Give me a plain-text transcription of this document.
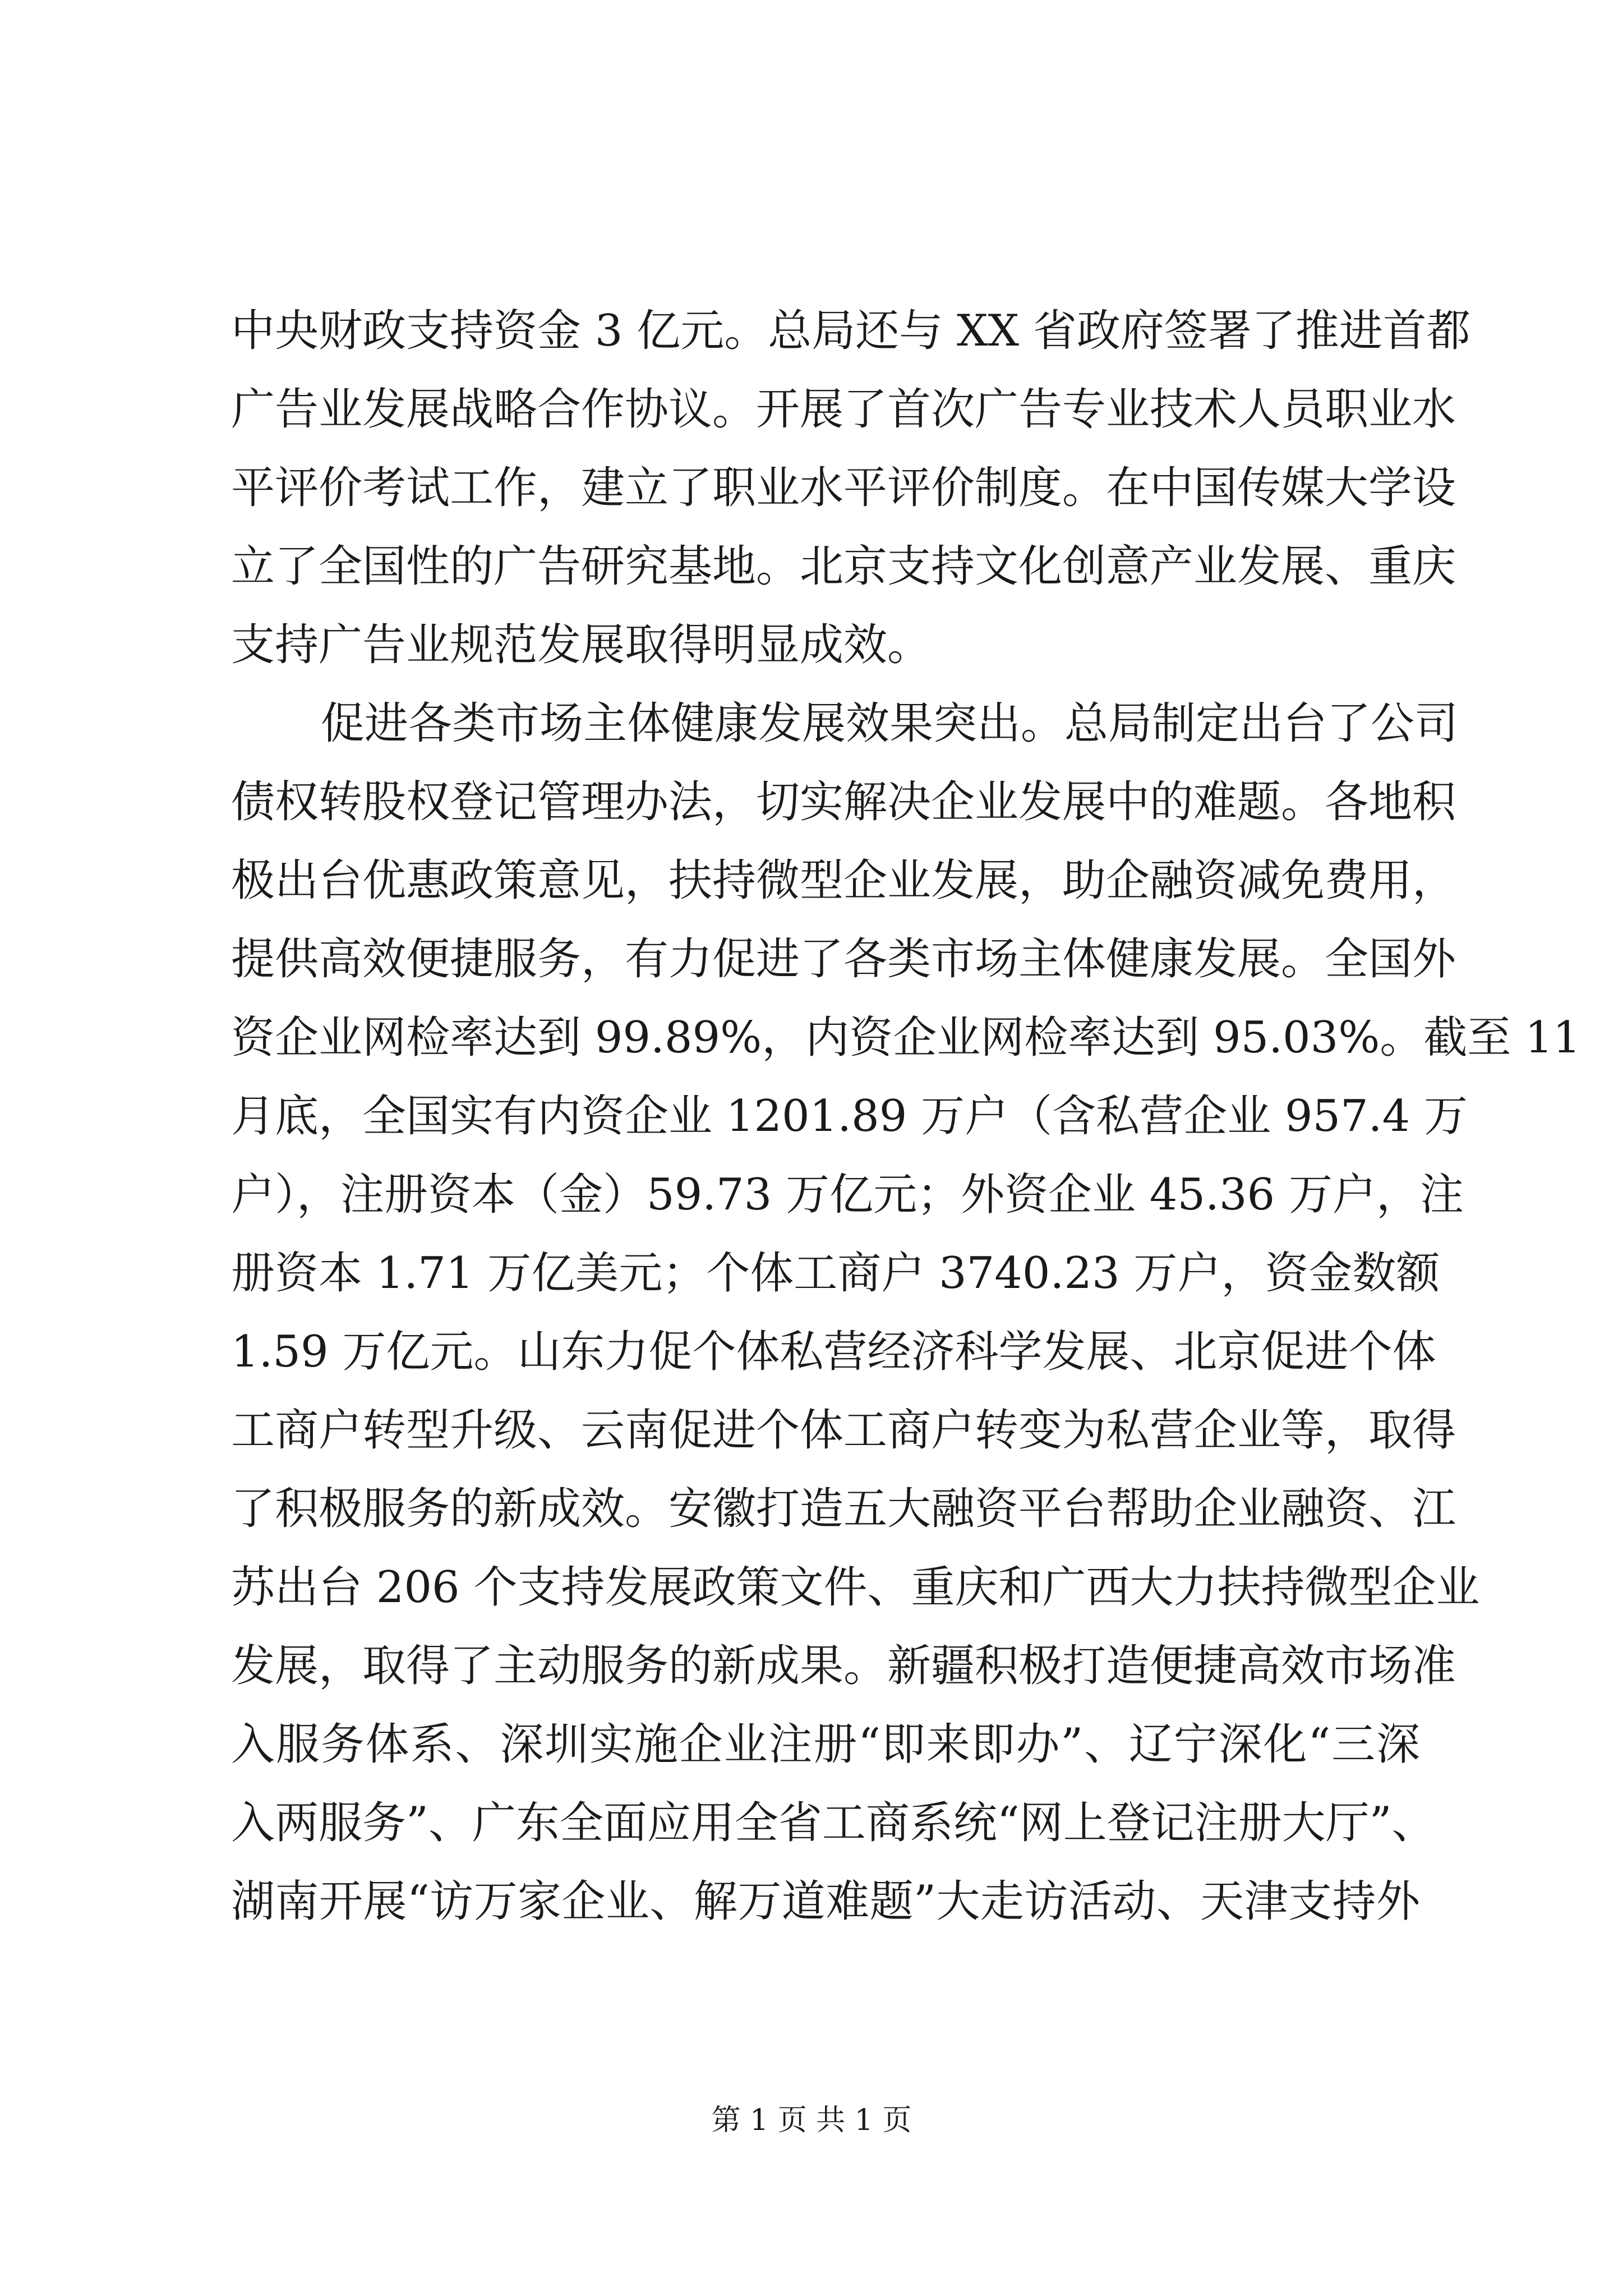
中央财政支持资金 3 亿元。总局还与 XX 省政府签署了推进首都
广告业发展战略合作协议。开展了首次广告专业技术人员职业水
平评价考试工作，建立了职业水平评价制度。在中国传媒大学设
立了全国性的广告研究基地。北京支持文化创意产业发展、重庆
支持广告业规范发展取得明显成效。
促进各类市场主体健康发展效果突出。总局制定出台了公司
债权转股权登记管理办法，切实解决企业发展中的难题。各地积
极出台优惠政策意见，扶持微型企业发展，助企融资减免费用，
提供高效便捷服务，有力促进了各类市场主体健康发展。全国外
资企业网检率达到 99.89%，内资企业网检率达到 95.03%。截至 11
月底，全国实有内资企业 1201.89 万户（含私营企业 957.4 万
户），注册资本（金）59.73 万亿元；外资企业 45.36 万户，注
册资本 1.71 万亿美元；个体工商户 3740.23 万户，资金数额
1.59 万亿元。山东力促个体私营经济科学发展、北京促进个体
工商户转型升级、云南促进个体工商户转变为私营企业等，取得
了积极服务的新成效。安徽打造五大融资平台帮助企业融资、江
苏出台 206 个支持发展政策文件、重庆和广西大力扶持微型企业
发展，取得了主动服务的新成果。新疆积极打造便捷高效市场准
入服务体系、深圳实施企业注册“即来即办”、辽宁深化“三深
入两服务”、广东全面应用全省工商系统“网上登记注册大厅”、
湖南开展“访万家企业、解万道难题”大走访活动、天津支持外
第 1 页 共 1 页
